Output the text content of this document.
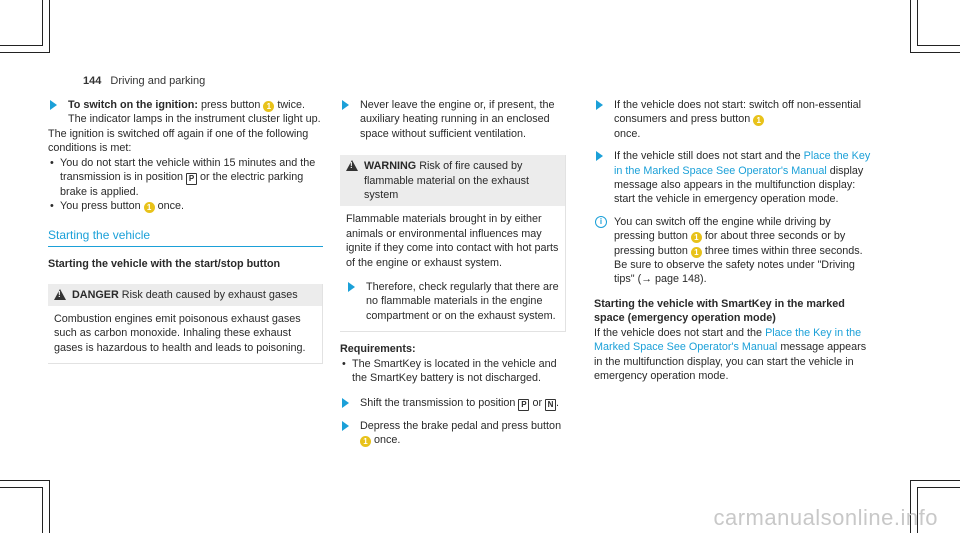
144 Driving and parking
To switch on the ignition: press button 1 twice.
The indicator lamps in the instrument cluster light up.
The ignition is switched off again if one of the following conditions is met:
• You do not start the vehicle within 15 minutes and the transmission is in position P or the electric parking brake is applied.
• You press button 1 once.
Starting the vehicle
Starting the vehicle with the start/stop button
!
DANGER Risk death caused by exhaust gases
Combustion engines emit poisonous exhaust gases such as carbon monoxide. Inhaling these exhaust gases is hazardous to health and leads to poisoning.
Never leave the engine or, if present, the auxiliary heating running in an enclosed space without sufficient ventilation.
!
WARNING Risk of fire caused by flammable material on the exhaust system
Flammable materials brought in by either animals or environmental influences may ignite if they come into contact with hot parts of the engine or exhaust system.
Therefore, check regularly that there are no flammable materials in the engine compartment or on the exhaust system.
Requirements:
• The SmartKey is located in the vehicle and the SmartKey battery is not discharged.
Shift the transmission to position P or N .
Depress the brake pedal and press button 1 once.
If the vehicle does not start: switch off non-essential consumers and press button 1
once.
If the vehicle still does not start and the Place the Key in the Marked Space See Operator's Manual display message also appears in the multifunction display: start the vehicle in emergency operation mode.
i	You can switch off the engine while driving by pressing button 1 for about three seconds or by pressing button 1 three times within three seconds. Be sure to observe the safety notes under "Driving tips" (→ page 148).
Starting the vehicle with SmartKey in the marked space (emergency operation mode)
If the vehicle does not start and the Place the Key in the Marked Space See Operator's Manual message appears in the multifunction display, you can start the vehicle in emergency operation mode.
carmanualsonline.info
